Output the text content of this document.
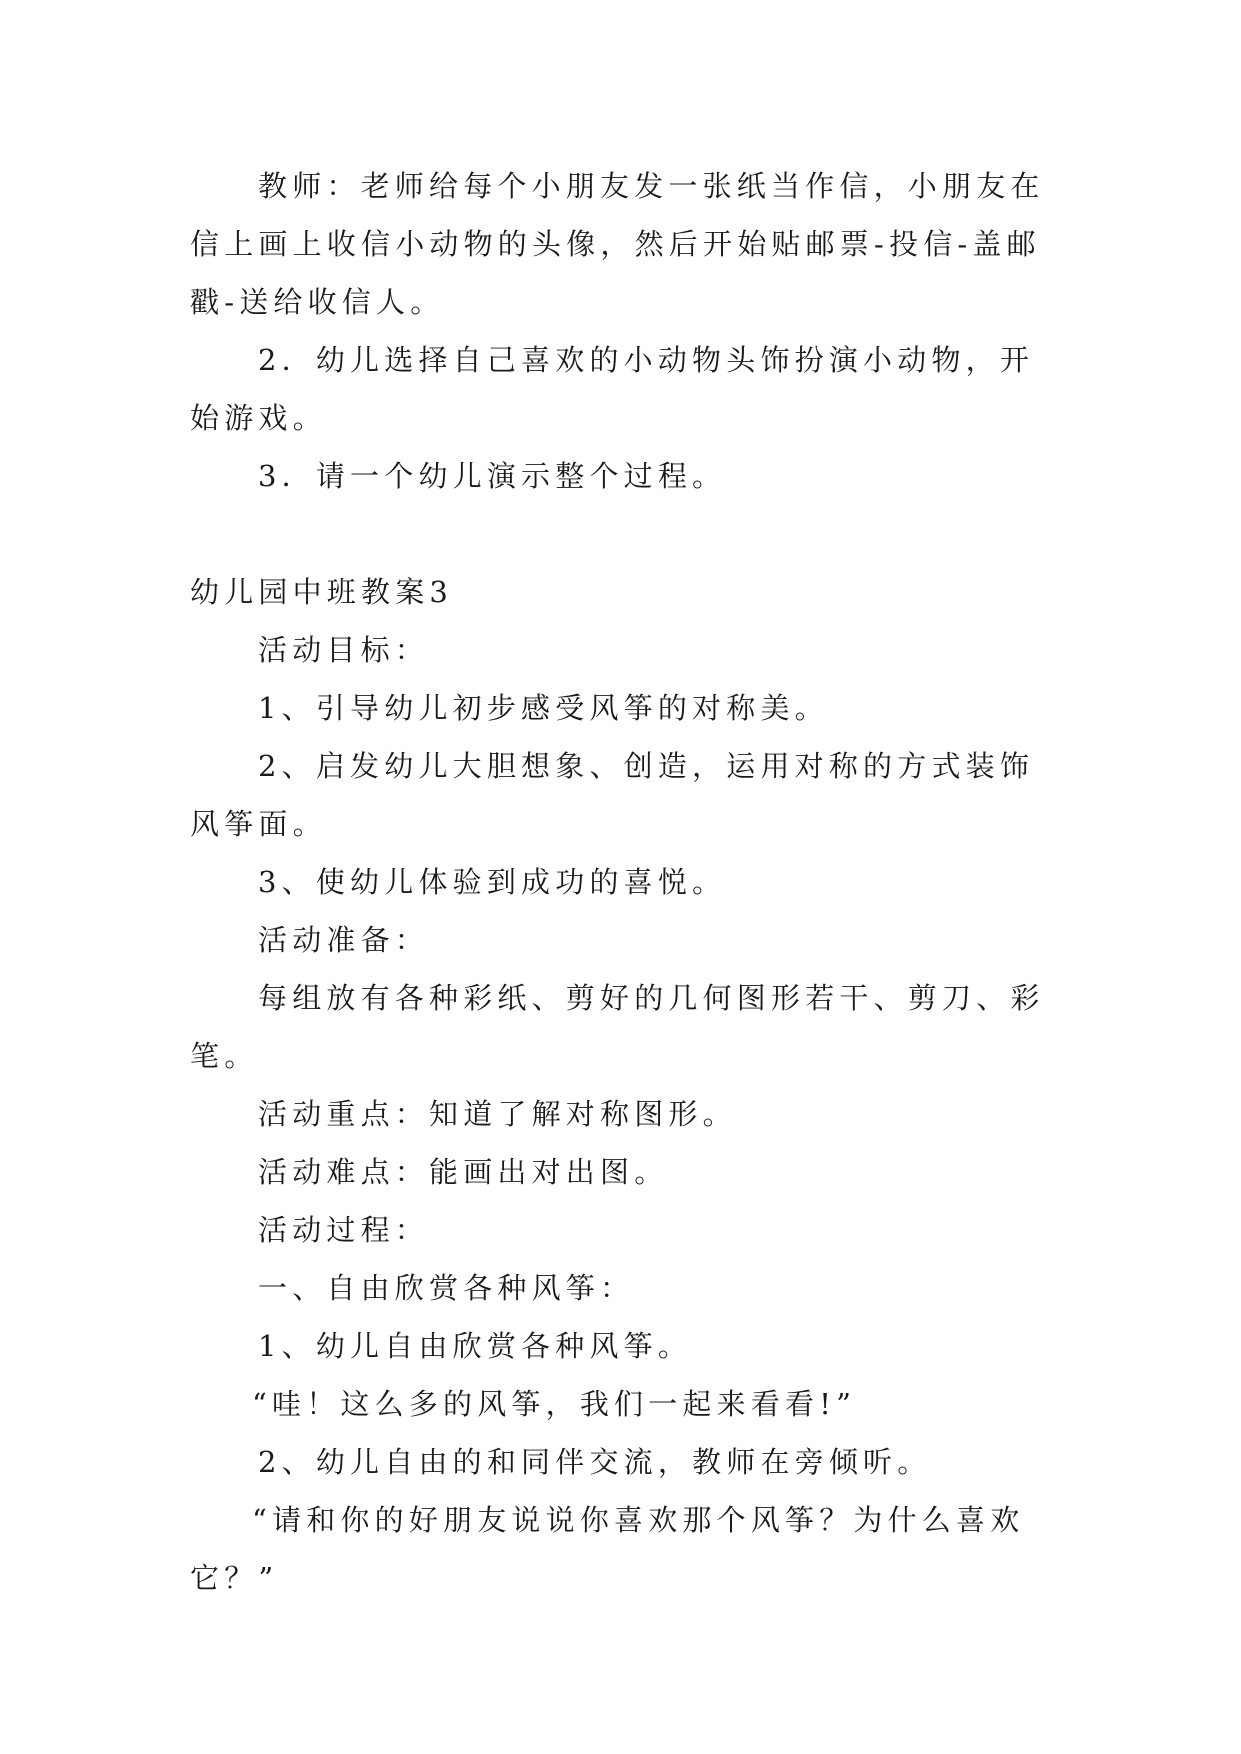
教师：老师给每个小朋友发一张纸当作信，小朋友在信上画上收信小动物的头像，然后开始贴邮票-投信-盖邮戳-送给收信人。

2．幼儿选择自己喜欢的小动物头饰扮演小动物，开始游戏。

3．请一个幼儿演示整个过程。

幼儿园中班教案3

活动目标：

1、引导幼儿初步感受风筝的对称美。

2、启发幼儿大胆想象、创造，运用对称的方式装饰风筝面。

3、使幼儿体验到成功的喜悦。

活动准备：

每组放有各种彩纸、剪好的几何图形若干、剪刀、彩笔。

活动重点：知道了解对称图形。

活动难点：能画出对出图。

活动过程：

一、自由欣赏各种风筝：

1、幼儿自由欣赏各种风筝。

“哇！这么多的风筝，我们一起来看看!”

2、幼儿自由的和同伴交流，教师在旁倾听。

“请和你的好朋友说说你喜欢那个风筝？为什么喜欢它？”
